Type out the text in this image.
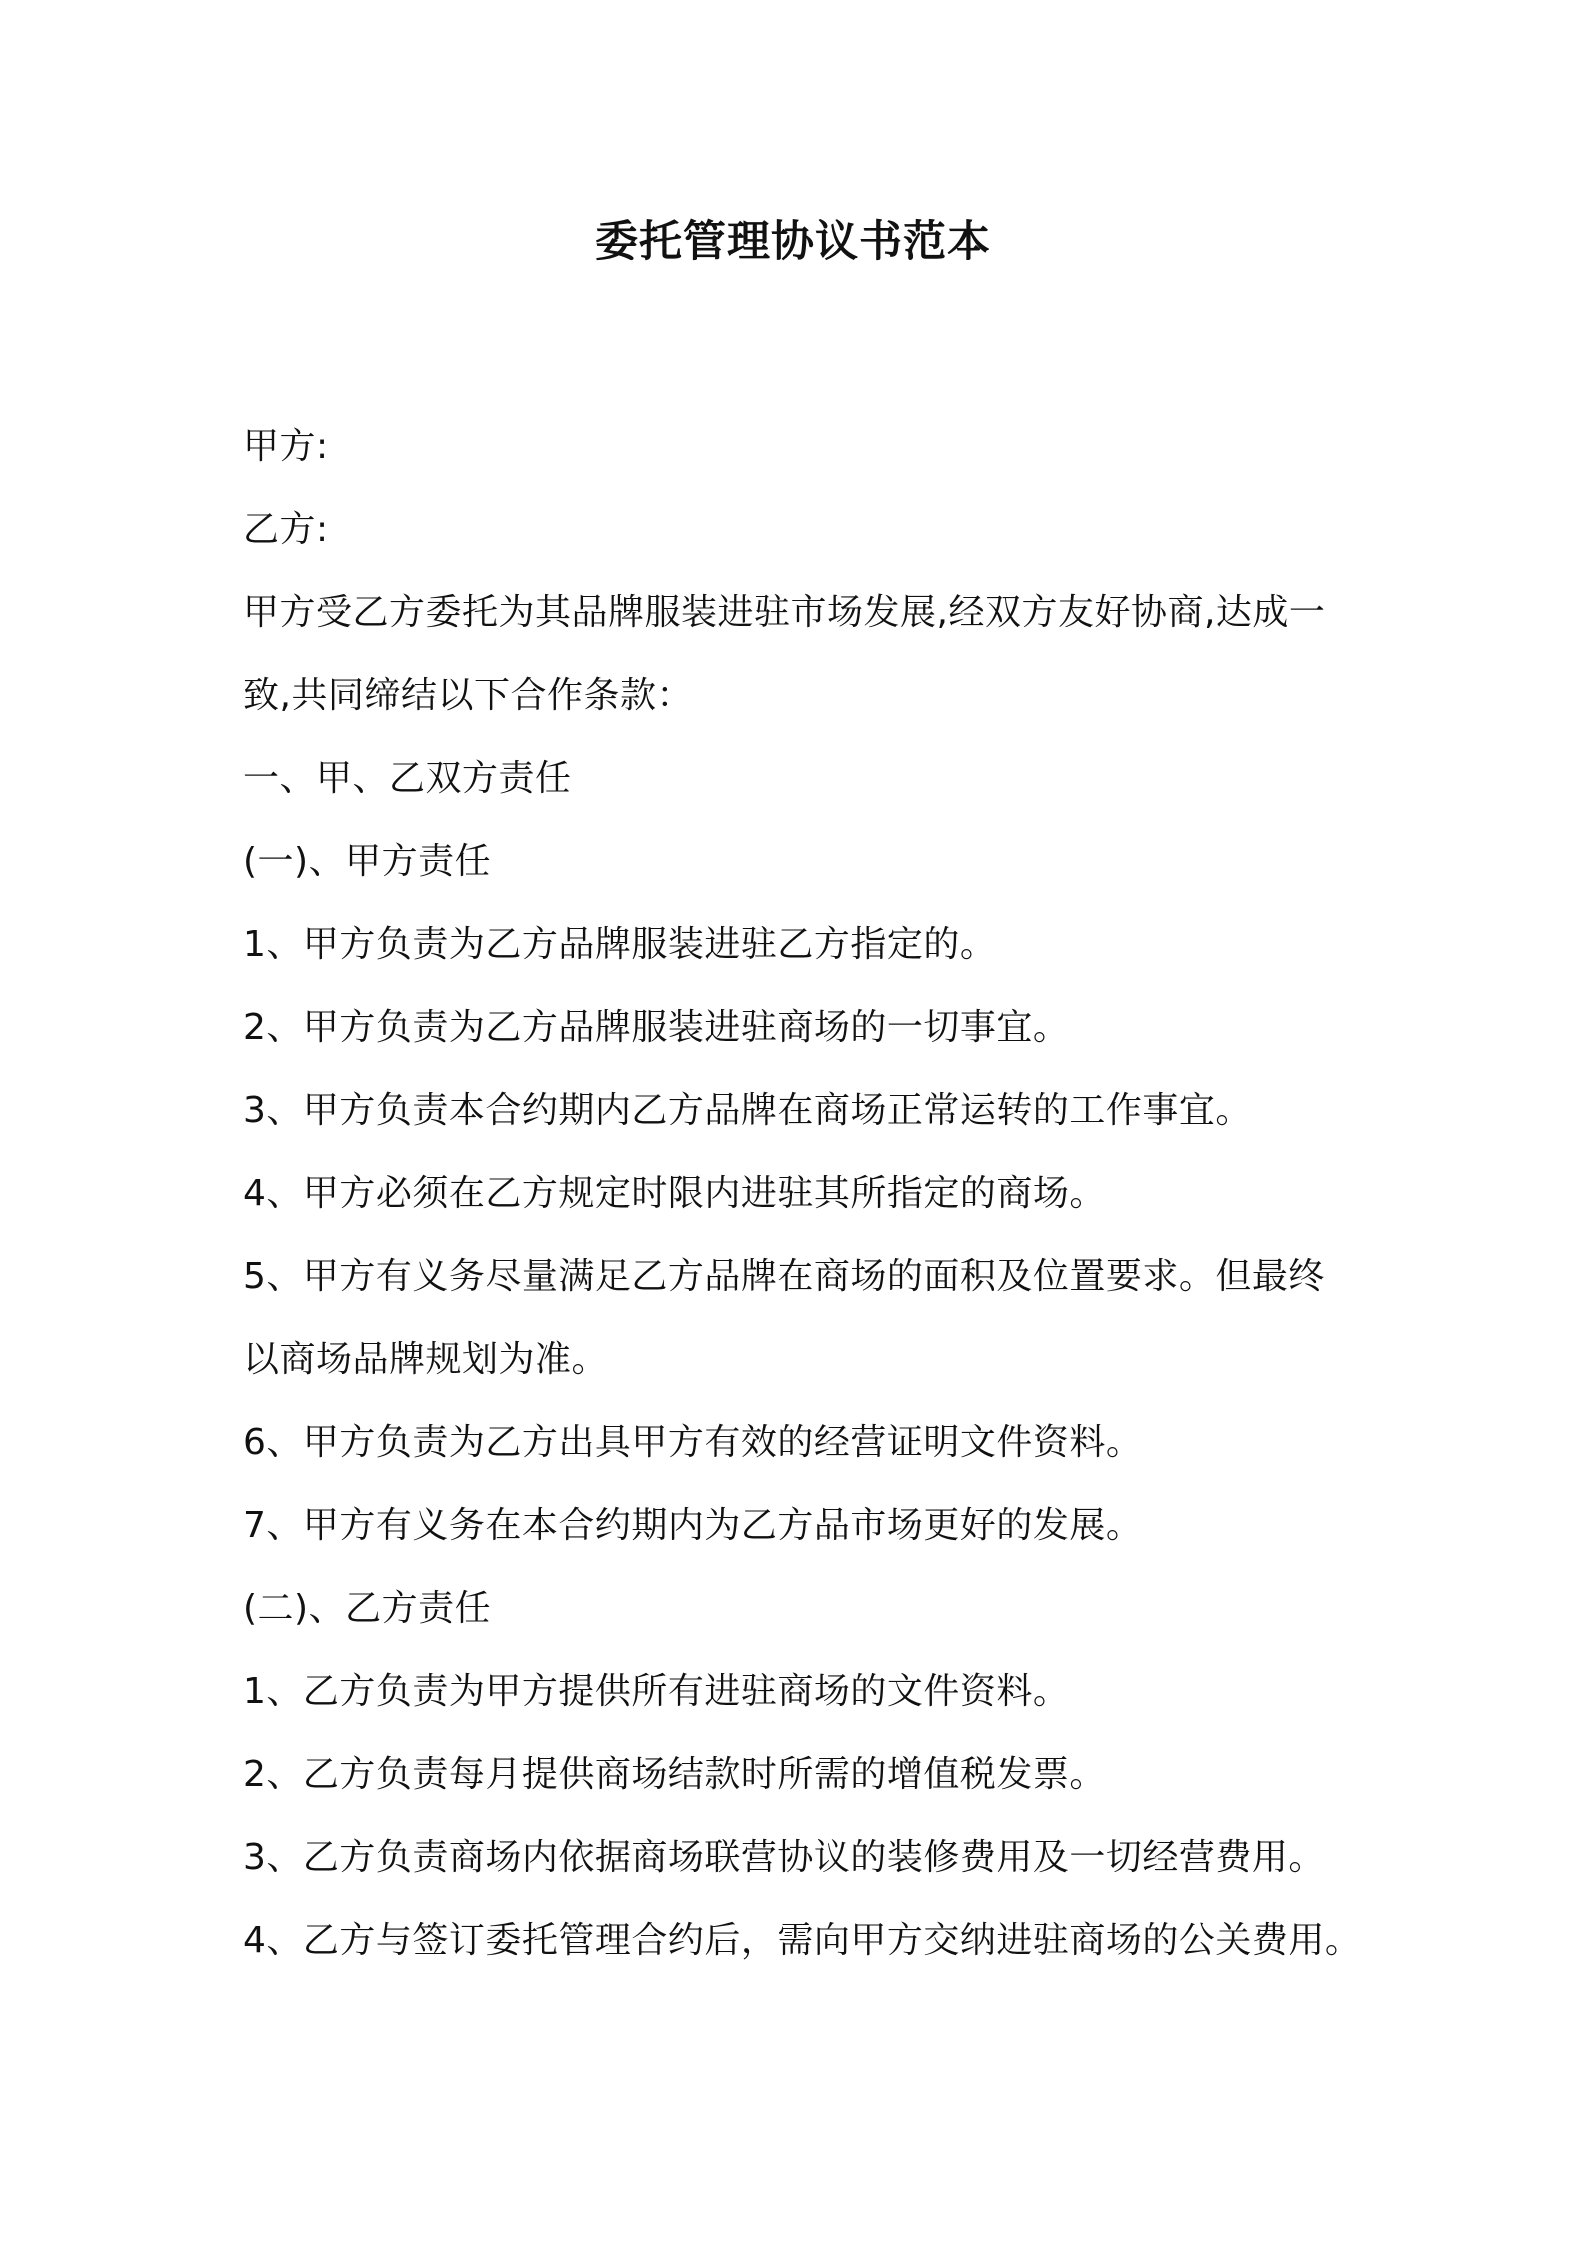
委托管理协议书范本
甲方:
乙方:
甲方受乙方委托为其品牌服装进驻市场发展,经双方友好协商,达成一
致,共同缔结以下合作条款：
一、甲、乙双方责任
(一)、甲方责任
1、甲方负责为乙方品牌服装进驻乙方指定的。
2、甲方负责为乙方品牌服装进驻商场的一切事宜。
3、甲方负责本合约期内乙方品牌在商场正常运转的工作事宜。
4、甲方必须在乙方规定时限内进驻其所指定的商场。
5、甲方有义务尽量满足乙方品牌在商场的面积及位置要求。但最终
以商场品牌规划为准。
6、甲方负责为乙方出具甲方有效的经营证明文件资料。
7、甲方有义务在本合约期内为乙方品市场更好的发展。
(二)、乙方责任
1、乙方负责为甲方提供所有进驻商场的文件资料。
2、乙方负责每月提供商场结款时所需的增值税发票。
3、乙方负责商场内依据商场联营协议的装修费用及一切经营费用。
4、乙方与签订委托管理合约后，需向甲方交纳进驻商场的公关费用。
